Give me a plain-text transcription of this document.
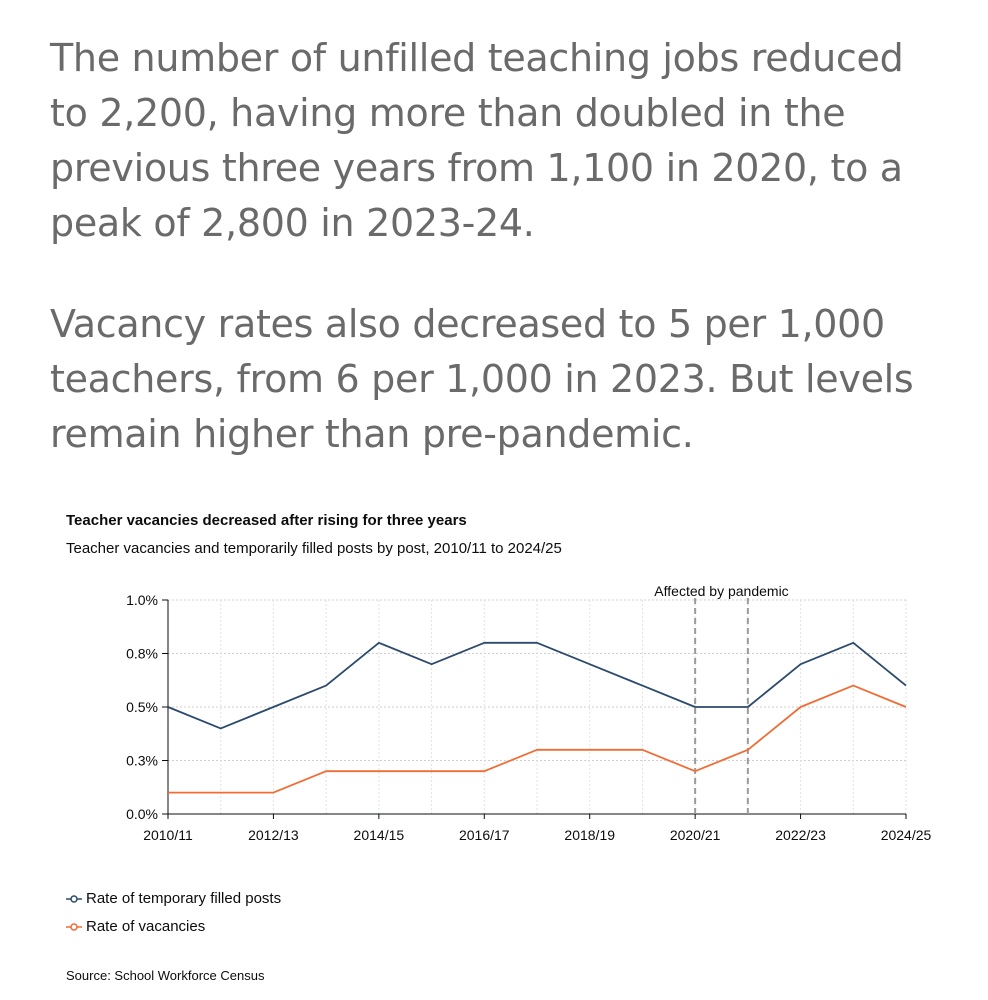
The number of unfilled teaching jobs reduced to 2,200, having more than doubled in the previous three years from 1,100 in 2020, to a peak of 2,800 in 2023-24.

Vacancy rates also decreased to 5 per 1,000 teachers, from 6 per 1,000 in 2023. But levels remain higher than pre-pandemic.

Teacher vacancies decreased after rising for three years

Teacher vacancies and temporarily filled posts by post, 2010/11 to 2024/25

0.0%
0.3%
0.5%
0.8%
1.0%
2010/11	2012/13	2014/15	2016/17	2018/19	2020/21	2022/23	2024/25
Affected by pandemic
Rate of temporary filled posts
Rate of vacancies

Source: School Workforce Census
